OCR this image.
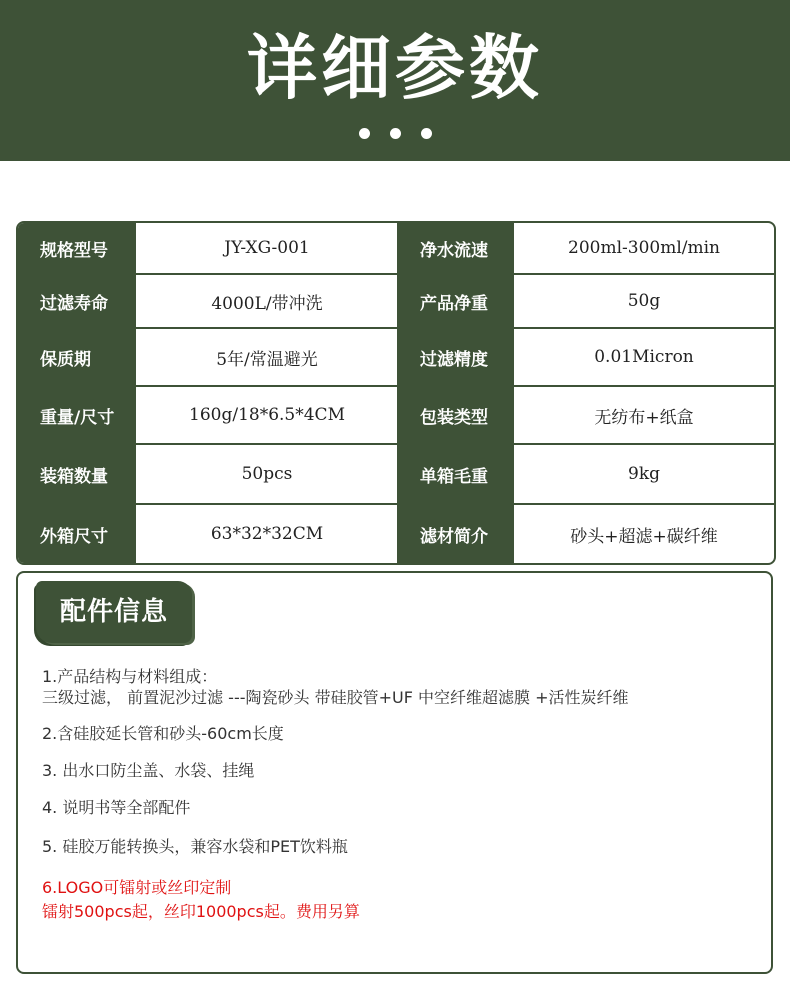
详细参数
规格型号	JY-XG-001	净水流速	200ml-300ml/min
过滤寿命	4000L/带冲洗	产品净重	50g
保质期	5年/常温避光	过滤精度	0.01Micron
重量/尺寸	160g/18*6.5*4CM	包装类型	无纺布+纸盒
装箱数量	50pcs	单箱毛重	9kg
外箱尺寸	63*32*32CM	滤材简介	砂头+超滤+碳纤维
配件信息
1.产品结构与材料组成：
三级过滤， 前置泥沙过滤 ---陶瓷砂头 带硅胶管+UF 中空纤维超滤膜 +活性炭纤维
2.含硅胶延长管和砂头-60cm长度
3. 出水口防尘盖、水袋、挂绳
4. 说明书等全部配件
5. 硅胶万能转换头，兼容水袋和PET饮料瓶
6.LOGO可镭射或丝印定制
镭射500pcs起，丝印1000pcs起。费用另算
